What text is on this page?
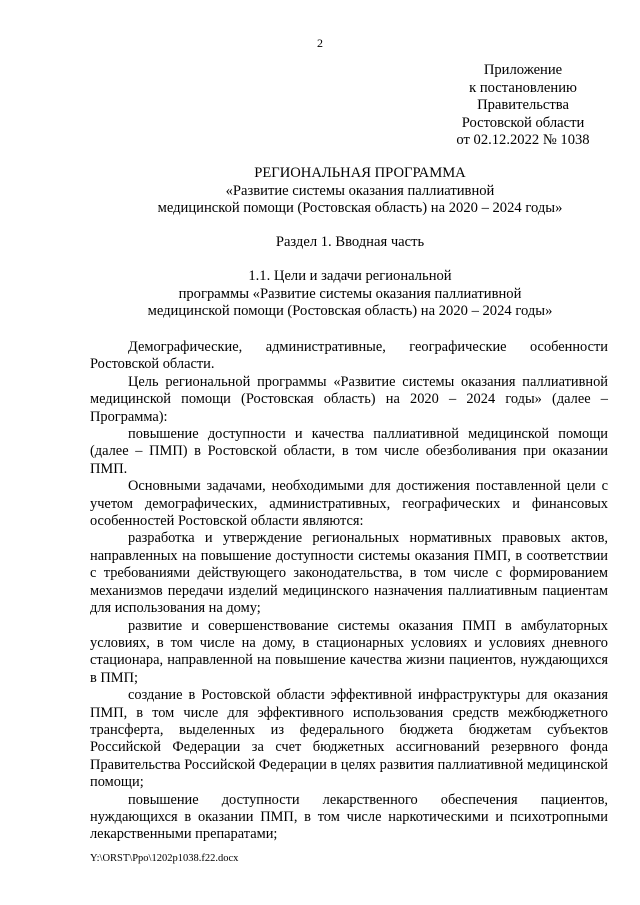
2
Приложение
к постановлению
Правительства
Ростовской области
от 02.12.2022 № 1038
РЕГИОНАЛЬНАЯ ПРОГРАММА
«Развитие системы оказания паллиативной
медицинской помощи (Ростовская область) на 2020 – 2024 годы»
Раздел 1. Вводная часть
1.1. Цели и задачи региональной
программы «Развитие системы оказания паллиативной
медицинской помощи (Ростовская область) на 2020 – 2024 годы»

Демографические, административные, географические особенности Ростовской области.

Цель региональной программы «Развитие системы оказания паллиативной медицинской помощи (Ростовская область) на 2020 – 2024 годы» (далее – Программа):

повышение доступности и качества паллиативной медицинской помощи (далее – ПМП) в Ростовской области, в том числе обезболивания при оказании ПМП.

Основными задачами, необходимыми для достижения поставленной цели с учетом демографических, административных, географических и финансовых особенностей Ростовской области являются:

разработка и утверждение региональных нормативных правовых актов, направленных на повышение доступности системы оказания ПМП, в соответствии с требованиями действующего законодательства, в том числе с формированием механизмов передачи изделий медицинского назначения паллиативным пациентам для использования на дому;

развитие и совершенствование системы оказания ПМП в амбулаторных условиях, в том числе на дому, в стационарных условиях и условиях дневного стационара, направленной на повышение качества жизни пациентов, нуждающихся в ПМП;

создание в Ростовской области эффективной инфраструктуры для оказания ПМП, в том числе для эффективного использования средств межбюджетного трансферта, выделенных из федерального бюджета бюджетам субъектов Российской Федерации за счет бюджетных ассигнований резервного фонда Правительства Российской Федерации в целях развития паллиативной медицинской помощи;

повышение доступности лекарственного обеспечения пациентов, нуждающихся в оказании ПМП, в том числе наркотическими и психотропными лекарственными препаратами;

Y:\ORST\Ppo\1202p1038.f22.docx
